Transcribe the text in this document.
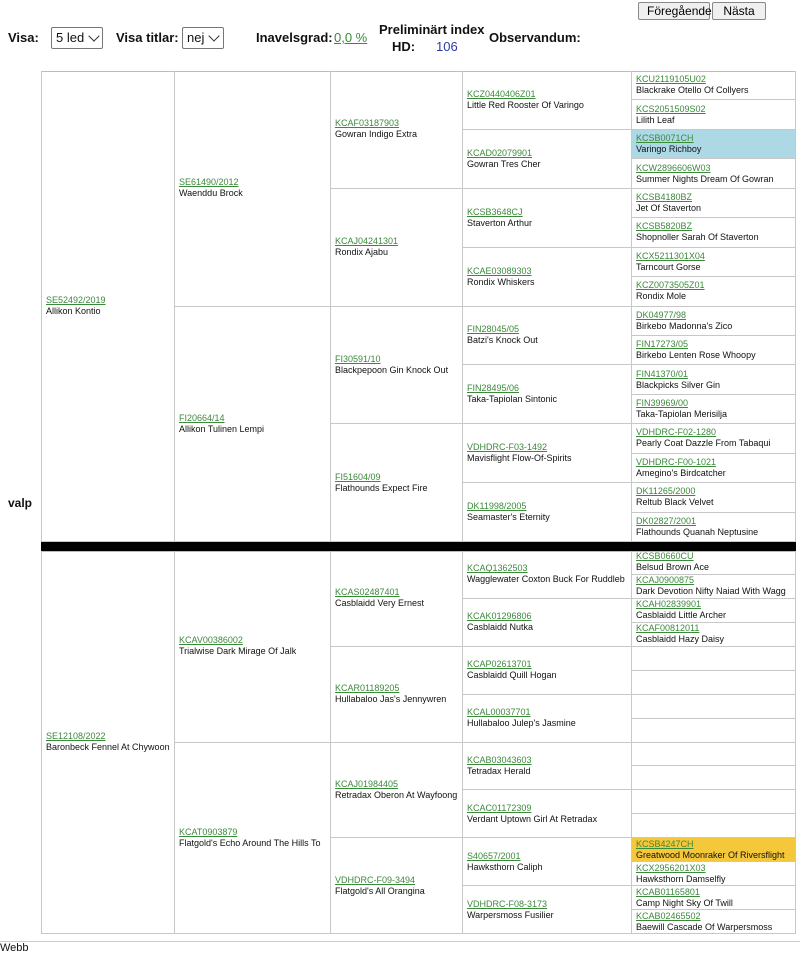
Föregående Nästa
Visa: 5 led Visa titlar: nej	Inavelsgrad: 0,0 %
Preliminärt index
HD: 106
Observandum:
valp
SE52492/2019
Allikon Kontio
SE61490/2012
Waenddu Brock
FI20664/14
Allikon Tulinen Lempi
KCAF03187903
Gowran Indigo Extra
KCAJ04241301
Rondix Ajabu
FI30591/10
Blackpepoon Gin Knock Out
FI51604/09
Flathounds Expect Fire
KCZ0440406Z01
Little Red Rooster Of Varingo
KCAD02079901
Gowran Tres Cher
KCSB3648CJ
Staverton Arthur
KCAE03089303
Rondix Whiskers
FIN28045/05
Batzi's Knock Out
FIN28495/06
Taka-Tapiolan Sintonic
VDHDRC-F03-1492
Mavisflight Flow-Of-Spirits
DK11998/2005
Seamaster's Eternity
KCU2119105U02
Blackrake Otello Of Collyers
KCS2051509S02
Lilith Leaf
KCSB0071CH
Varingo Richboy
KCW2896606W03
Summer Nights Dream Of Gowran
KCSB4180BZ
Jet Of Staverton
KCSB5820BZ
Shopnoller Sarah Of Staverton
KCX5211301X04
Tarncourt Gorse
KCZ0073505Z01
Rondix Mole
DK04977/98
Birkebo Madonna's Zico
FIN17273/05
Birkebo Lenten Rose Whoopy
FIN41370/01
Blackpicks Silver Gin
FIN39969/00
Taka-Tapiolan Merisilja
VDHDRC-F02-1280
Pearly Coat Dazzle From Tabaqui
VDHDRC-F00-1021
Amegino's Birdcatcher
DK11265/2000
Reltub Black Velvet
DK02827/2001
Flathounds Quanah Neptusine
SE12108/2022
Baronbeck Fennel At Chywoon
KCAV00386002
Trialwise Dark Mirage Of Jalk
KCAT0903879
Flatgold's Echo Around The Hills To
KCAS02487401
Casblaidd Very Ernest
KCAR01189205
Hullabaloo Jas's Jennywren
KCAJ01984405
Retradax Oberon At Wayfoong
VDHDRC-F09-3494
Flatgold's All Orangina
KCAQ1362503
Wagglewater Coxton Buck For Ruddleb
KCAK01296806
Casblaidd Nutka
KCAP02613701
Casblaidd Quill Hogan
KCAL00037701
Hullabaloo Julep's Jasmine
KCAB03043603
Tetradax Herald
KCAC01172309
Verdant Uptown Girl At Retradax
S40657/2001
Hawksthorn Caliph
VDHDRC-F08-3173
Warpersmoss Fusilier
KCSB0660CU
Belsud Brown Ace
KCAJ0900875
Dark Devotion Nifty Naiad With Wagg
KCAH02839901
Casblaidd Little Archer
KCAF00812011
Casblaidd Hazy Daisy
KCSB4247CH
Greatwood Moonraker Of Riversflight
KCX2956201X03
Hawksthorn Damselfly
KCAB01165801
Camp Night Sky Of Twill
KCAB02465502
Baewill Cascade Of Warpersmoss
Webb
